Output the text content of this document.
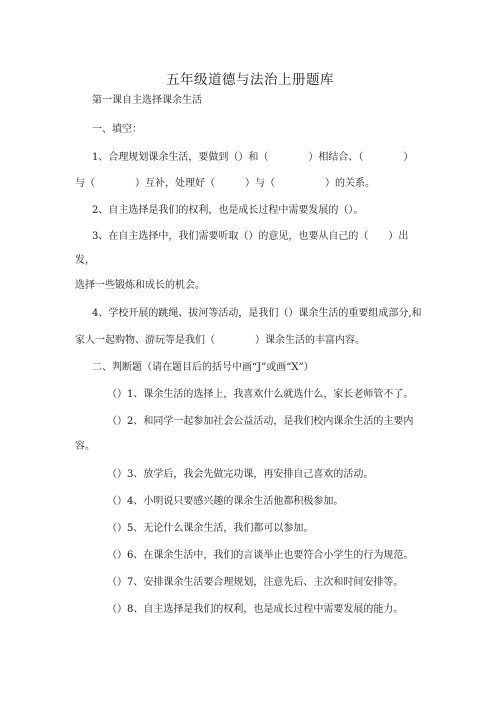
五年级道德与法治上册题库
第一课自主选择课余生活
一、填空：
1、合理规划课余生活，要做到（）和（　　　　）相结合、（　　　　）
与（　　　　）互补，处理好（　　　）与（　　　　　）的关系。
2、自主选择是我们的权利，也是成长过程中需要发展的（）。
3、在自主选择中，我们需要听取（）的意见，也要从自己的（　　）出
发，
选择一些锻炼和成长的机会。
4、学校开展的跳绳、拔河等活动，是我们（）课余生活的重要组成部分,和
家人一起购物、游玩等是我们（　　　　）课余生活的丰富内容。
二、判断题（请在题目后的括号中画“J”或画“X”）
（）1、课余生活的选择上，我喜欢什么就选什么，家长老师管不了。
（）2、和同学一起参加社会公益活动，是我们校内课余生活的主要内
容。
（）3、放学后，我会先做完功课，再安排自己喜欢的活动。
（）4、小明说只要感兴趣的课余生活他都积极参加。
（）5、无论什么课余生活，我们都可以参加。
（）6、在课余生活中，我们的言谈举止也要符合小学生的行为规范。
（）7、安排课余生活要合理规划，注意先后、主次和时间安排等。
（）8、自主选择是我们的权利，也是成长过程中需要发展的能力。
